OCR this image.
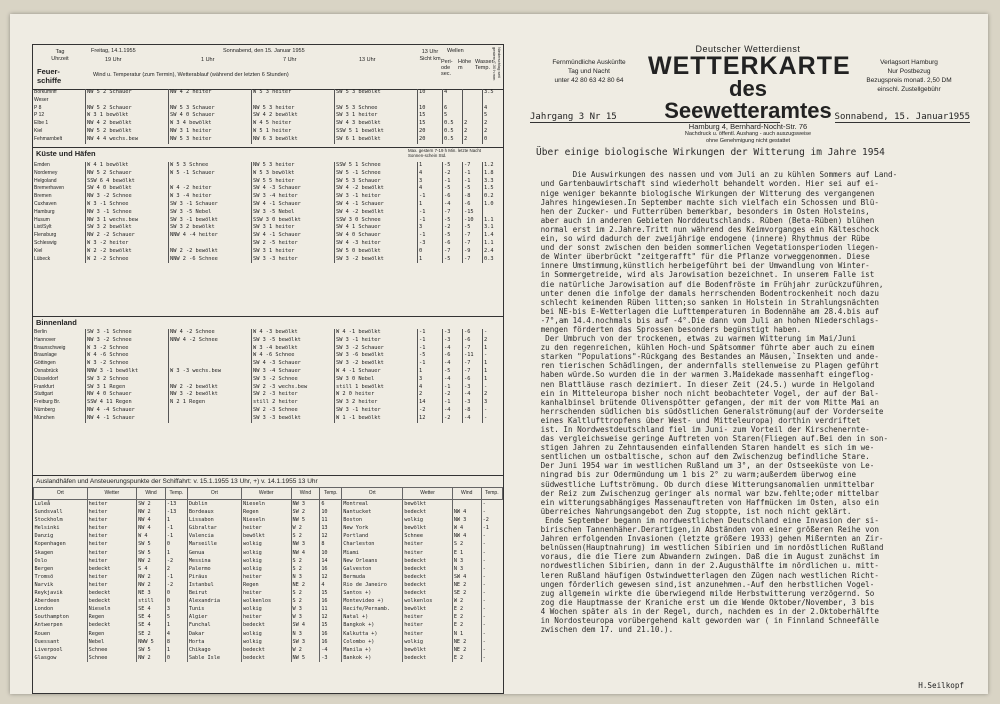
Tag
Uhrzeit
Freitag, 14.1.1955	Sonnabend, den 15. Januar 1955
19 Uhr	1 Uhr	7 Uhr	13 Uhr
13 Uhr
Sicht km
Wellen
Peri-ode sec.
Höhe m
Wasser-Temp.	Niederschlag seit gestern 7.30 h mm
Feuer-schiffe
Wind u. Temperatur (zum Termin), Wetterablauf (während der letzten 6 Stunden)
Borkumriff	NW 5 2 Schauer	NW 4 2 heiter	W 5 3 heiter	SW 5 3 bewölkt	10	4		3.5
Weser								
P 8	NW 5 2 Schauer	NW 5 3 Schauer	NW 5 3 heiter	SW 5 3 Schnee	10	6		4
P 12	W 3 1 bewölkt	SW 4 0 Schauer	SW 4 2 bewölkt	SW 3 1 heiter	15	5		5
Elbe 1	NW 4 2 bewölkt	W 3 4 bewölkt	W 4 5 heiter	SW 4 3 bewölkt	15	0.5	2	2
Kiel	NW 5 2 bewölkt	NW 3 1 heiter	W 5 1 heiter	SSW 5 1 bewölkt	20	0.5	2	2
Fehmarnbelt	NW 4 4 wechs.bew	NW 5 3 heiter	NW 6 3 bewölkt	SW 6 1 bewölkt	20	0.5	2	0
Küste und Häfen	Max. gestern 7-19 h Min. letzte Nacht Sonnen-schein Std.
Emden	W 4 1 bewölkt	W 5 3 Schnee	NW 5 3 heiter	SSW 5 1 Schnee	1	-5	-7	1.2
Norderney	NW 5 2 Schauer	W 5 -1 Schauer	W 5 3 bewölkt	SW 5 -1 Schnee	4	-2	-1	1.8
Helgoland	SSW 6 4 bewölkt		SW 5 5 heiter	SW 5 3 Schauer	3	-1	-1	3.3
Bremerhaven	SW 4 0 bewölkt	W 4 -2 heiter	SW 4 -3 Schauer	SW 4 -2 bewölkt	4	-5	-5	1.5
Bremen	NW 3 -2 Schnee	W 3 -4 heiter	SW 3 -4 heiter	SW 3 -1 heiter	-1	-6	-8	0.2
Cuxhaven	W 3 -1 Schnee	SW 3 -1 Schauer	SW 4 -1 Schauer	SW 4 -1 Schauer	1	-4	-6	1.0
Hamburg	NW 3 -1 Schnee	SW 3 -5 Nebel	SW 3 -5 Nebel	SW 4 -2 bewölkt	-1	-7	-15	
Husum	NW 3 1 wechs.bew	SW 3 -1 bewölkt	SSW 3 0 bewölkt	SSW 3 0 Schnee	-1	-5	-10	1.1
List/Sylt	SW 3 2 bewölkt	SW 3 2 bewölkt	SW 3 1 heiter	SW 4 1 Schauer	3	-2	-5	3.1
Flensburg	NW 2 -2 Schauer	NNW 4 -4 heiter	SW 4 -1 Schauer	SW 4 0 Schauer	-1	-5	-7	1.4
Schleswig	W 3 -2 heiter		SW 2 -5 heiter	SW 4 -3 heiter	-3	-6	-7	1.1
Kiel	W 2 -2 bewölkt	NW 2 -2 bewölkt	SW 3 1 heiter	SW 5 0 bewölkt	0	-7	-9	2.4
Lübeck	W 2 -2 Schnee	NNW 2 -6 Schnee	SW 3 -3 heiter	SW 3 -2 bewölkt	1	-5	-7	0.3
Binnenland
Berlin	SW 3 -1 Schnee	NW 4 -2 Schnee	W 4 -3 bewölkt	W 4 -1 bewölkt	-1	-3	-6	-
Hannover	NW 3 -2 Schnee	NNW 4 -2 Schnee	SW 3 -5 bewölkt	SW 3 -1 heiter	-1	-3	-6	2
Braunschweig	W 3 -2 Schnee		W 3 -4 bewölkt	SW 3 -2 Schauer	-1	-4	-7	1
Braunlage	W 4 -6 Schnee		W 4 -6 Schnee	SW 3 -6 bewölkt	-5	-6	-11	-
Göttingen	W 3 -2 Schnee		SW 4 -3 Schauer	SW 3 -2 bewölkt	-1	-4	-7	1
Osnabrück	NNW 3 -1 bewölkt	W 3 -3 wechs.bew	NW 3 -4 Schauer	W 4 -1 Schauer	1	-5	-7	1
Düsseldorf	SW 3 2 Schnee		SW 3 -2 Schnee	SW 3 0 Nebel	3	-4	-6	1
Frankfurt	SW 3 1 Regen	NW 2 -2 bewölkt	SW 2 -3 wechs.bew	still 1 bewölkt	4	-1	-3	-
Stuttgart	NW 4 0 Schauer	NW 3 -2 bewölkt	SW 2 -3 heiter	W 2 0 heiter	2	-2	-4	2
Freiburg Br.	SSW 4 11 Regen	N 2 1 Regen	still 2 heiter	SW 3 2 heiter	14	-1	-3	3
Nürnberg	NW 4 -4 Schauer		SW 2 -3 Schnee	SW 3 -1 heiter	-2	-4	-8	-
München	NW 4 -1 Schauer		SW 3 -3 bewölkt	W 1 -1 bewölkt	12	-2	-4	-
Auslandhäfen und Ansteuerungspunkte der Schiffahrt: v. 15.1.1955 13 Uhr, +) v. 14.1.1955 13 Uhr
Ort	Wetter	Wind	Temp.	Ort	Wetter	Wind	Temp.	Ort	Wetter	Wind	Temp.
Luleå	heiter	SW 2	-13	Dublin	Nieseln	NW 3	6	Montreal	bewölkt		-
Sundsvall	heiter	NW 2	-13	Bordeaux	Regen	SW 2	10	Nantucket	bedeckt	NW 4	-
Stockholm	heiter	NW 4	1	Lissabon	Nieseln	NW 5	11	Boston	wolkig	NW 3	-2
Helsinki	heiter	NW 4	-1	Gibraltar	heiter	W 2	13	New York	bewölkt	W 4	-1
Danzig	heiter	W 4	-1	Valencia	bewölkt	S 2	12	Portland	Schnee	NW 4	-
Kopenhagen	heiter	SW 5	0	Marseille	wolkig	NW 3	8	Charleston	heiter	S 2	-
Skagen	heiter	SW 5	1	Genua	wolkig	NW 4	10	Miami	heiter	E 1	-
Oslo	heiter	NW 2	-2	Messina	wolkig	S 2	14	New Orleans	bedeckt	N 3	-
Bergen	bedeckt	S 4	2	Palermo	wolkig	S 2	16	Galveston	bedeckt	N 3	-
Tromsö	heiter	NW 2	-1	Piräus	heiter	N 3	12	Bermuda	bedeckt	SW 4	-
Narvik	heiter	NW 2	-2	Istanbul	Regen	NE 2	4	Rio de Janeiro	bedeckt	NE 2	-
Reykjavik	bedeckt	NE 3	0	Beirut	heiter	S 2	15	Santos +)	bedeckt	SE 2	-
Aberdeen	bedeckt	still	0	Alexandria	wolkenlos	S 2	16	Montevideo +)	wolkenlos	W 2	-
London	Nieseln	SE 4	3	Tunis	wolkig	W 3	11	Recife/Pernamb.	bewölkt	E 2	-
Southampton	Regen	SE 4	5	Algier	heiter	W 3	12	Natal +)	heiter	E 2	-
Antwerpen	bedeckt	SE 4	1	Funchal	bedeckt	SW 4	15	Bangkok +)	heiter	E 2	-
Rouen	Regen	SE 2	4	Dakar	wolkig	N 3	16	Kalkutta +)	heiter	N 1	-
Ouessant	Nebel	NWW 5	8	Horta	wolkig	SW 3	16	Colombo +)	wolkig	NE 2	-
Liverpool	Schnee	SW 5	1	Chikago	bedeckt	W 2	-4	Manila +)	bewölkt	NE 2	-
Glasgow	Schnee	NW 2	0	Sable Isle	bedeckt	NW 5	-3	Bankok +)	bedeckt	E 2	-
Fernmündliche Auskünfte
Tag und Nacht
unter 42 80 63 42 80 64
Deutscher Wetterdienst
WETTERKARTE
des Seewetteramtes
Hamburg 4, Bernhard-Nocht-Str. 76
Nachdruck u. öffentl. Aushang - auch auszugsweise
ohne Genehmigung nicht gestattet
Verlagsort Hamburg
Nur Postbezug
Bezugspreis monatl. 2,50 DM
einschl. Zustellgebühr
Jahrgang 3 Nr 15	Sonnabend, 15. Januar1955

Über einige biologische Wirkungen der Witterung im Jahre 1954

Die Auswirkungen des nassen und vom Juli an zu kühlen Sommers auf Land-
und Gartenbauwirtschaft sind wiederholt behandelt worden. Hier sei auf ei-
nige weniger bekannte biologische Wirkungen der Witterung des vergangenen
Jahres hingewiesen.In September machte sich vielfach ein Schossen und Blü-
hen der Zucker- und Futterrüben bemerkbar, besonders im Osten Holsteins,
aber auch in anderen Gebieten Norddeutschlands. Rüben (Beta-Rüben) blühen
normal erst im 2.Jahre.Tritt nun während des Keimvorganges ein Kälteschock
ein, so wird dadurch der zweijährige endogene (innere) Rhythmus der Rübe
und der sonst zwischen den beiden sommerlichen Vegetationsperioden liegen-
de Winter überbrückt "zeitgerafft" für die Pflanze vorweggenommen. Diese
innere Umstimmung,künstlich herbeigeführt bei der Umwandlung von Winter-
in Sommergetreide, wird als Jarowisation bezeichnet. In unserem Falle ist
die natürliche Jarowisation auf die Bodenfröste im Frühjahr zurückzuführen,
unter denen die infolge der damals herrschenden Bodentrockenheit noch dazu
schlecht keimenden Rüben litten;so sanken in Holstein in Strahlungsnächten
bei NE-bis E-Wetterlagen die Lufttemperaturen in Bodennähe am 28.4.bis auf
-7°,am 14.4.nochmals bis auf -4°.Die dann vom Juli an hohen Niederschlags-
mengen förderten das Sprossen besonders begünstigt haben.
Der Umbruch von der trockenen, etwas zu warmen Witterung im Mai/Juni
zu den regenreichen, kühlen Hoch-und Spätsommer führte aber auch zu einem
starken "Populations"-Rückgang des Bestandes an Mäusen,`Insekten und ande-
ren tierischen Schädlingen, der andernfalls stellenweise zu Plagen geführt
haben würde.So wurden die in der warmen 3.Maidekade massenhaft eingeflog-
nen Blattläuse rasch dezimiert. In dieser Zeit (24.5.) wurde in Helgoland
ein in Mitteleuropa bisher noch nicht beobachteter Vogel, der auf der Bal-
kanhalbinsel brütende Olivenspötter gefangen, der mit der vom Mitte Mai an
herrschenden südlichen bis südöstlichen Generalströmung(auf der Vorderseite
eines Kaltlufttropfens über West- und Mitteleuropa) dorthin verdriftet
ist. In Nordwestdeutschland fiel im Juni- zum Vorteil der Kirschenernte-
das vergleichsweise geringe Auftreten von Staren(Fliegen auf.Bei den in son-
stigen Jahren zu Zehntausenden einfallenden Staren handelt es sich im we-
sentlichen um ostbaltische, schon auf dem Zwischenzug befindliche Stare.
Der Juni 1954 war im westlichen Rußland um 3°, an der Ostseeküste von Le-
ningrad bis zur Odermündung um 1 bis 2° zu warm;außerdem überwog eine
südwestliche Luftströmung. Ob durch diese Witterungsanomalien unmittelbar
der Reiz zum Zwischenzug geringer als normal war bzw.fehlte;oder mittelbar
ein witterungsabhängiges Massenauftreten von Haffmücken im Osten, also ein
überreiches Nahrungsangebot den Zug stoppte, ist noch nicht geklärt.
Ende September begann im nordwestlichen Deutschland eine Invasion der si-
birischen Tannenhäher.Derartigen,in Abständen von einer größeren Reihe von
Jahren erfolgenden Invasionen (letzte größere 1933) gehen Mißernten an Zir-
belnüssen(Hauptnahrung) im westlichen Sibirien und im nordöstlichen Rußland
voraus, die die Tiere zum Abwandern zwingen. Daß die im August zunächst im
nordwestlichen Sibirien, dann in der 2.Augusthälfte im nördlichen u. mitt-
leren Rußland häufigen Ostwindwetterlagen den Zügen nach westlichen Richt-
ungen förderlich gewesen sind,ist anzunehmen.-Auf den herbstlichen Vogel-
zug allgemein wirkte die überwiegend milde Herbstwitterung verzögernd. So
zog die Hauptmasse der Kraniche erst um die Wende Oktober/November, 3 bis
4 Wochen später als in der Regel, durch, nachdem es in der 2.Oktoberhälfte
in Nordosteuropa vorübergehend kalt geworden war ( in Finnland Schneefälle
zwischen dem 17. und 21.10.).

H.Seilkopf
